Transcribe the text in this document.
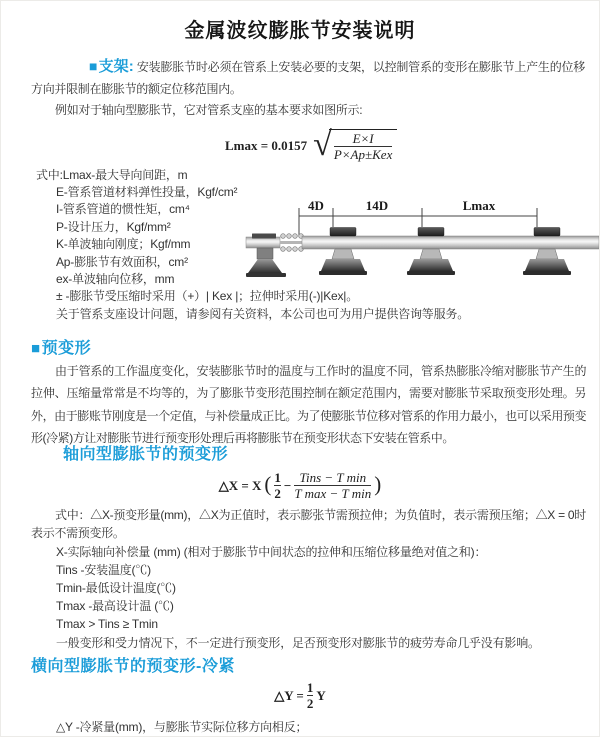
金属波纹膨胀节安装说明

■支架: 安装膨胀节时必须在管系上安装必要的支架，以控制管系的变形在膨胀节上产生的位移方向并限制在膨胀节的额定位移范围内。

例如对于轴向型膨胀节，它对管系支座的基本要求如图所示:

Lmax = 0.0157 √ $\frac{E\times I}{\text{P×Ap±Kex}}$
式中:Lmax-最大导向间距，m
E-管系管道材料弹性投量，Kgf/cm²
I-管系管道的惯性矩，cm⁴
P-设计压力，Kgf/mm²
K-单波轴向刚度；Kgf/mm
Ap-膨胀节有效面积，cm²
ex-单波轴向位移，mm
± -膨胀节受压缩时采用（+）| Kex |；拉伸时采用(-)|Kex|。
关于管系支座设计问题，请参阅有关资料，本公司也可为用户提供咨询等服务。
4D	14D	Lmax
■预变形

由于管系的工作温度变化，安装膨胀节时的温度与工作时的温度不同，管系热膨胀冷缩对膨胀节产生的拉伸、压缩量常常是不均等的，为了膨胀节变形范围控制在额定范围内，需要对膨胀节采取预变形处理。另外，由于膨账节刚度是一个定值，与补偿量成正比。为了使膨胀节位移对管系的作用力最小，也可以采用预变形(冷紧)方让对膨胀节进行预变形处理后再将膨胀节在预变形状态下安装在管系中。

轴向型膨胀节的预变形
△X = X ( $\frac{1}{2} - \frac{\text{Tins − T min}}{\text{T max − T min}}$ )

式中：△X-预变形量(mm)，△X为正值时，表示膨张节需预拉伸；为负值时，表示需预压缩；△X = 0时表示不需预变形。

X-实际轴向补偿量 (mm) (相对于膨胀节中间状态的拉伸和压缩位移量绝对值之和)：
Tins -安装温度(℃)
Tmin-最低设计温度(℃)
Tmax -最高设计温 (℃)
Tmax > Tins ≥ Tmin
一般变形和受力情况下，不一定进行预变形，足否预变形对膨胀节的疲劳寿命几乎没有影响。
横向型膨胀节的预变形-冷紧
△Y = $\frac{1}{2}$ Y

△Y -冷紧量(mm)，与膨胀节实际位移方向相反；
